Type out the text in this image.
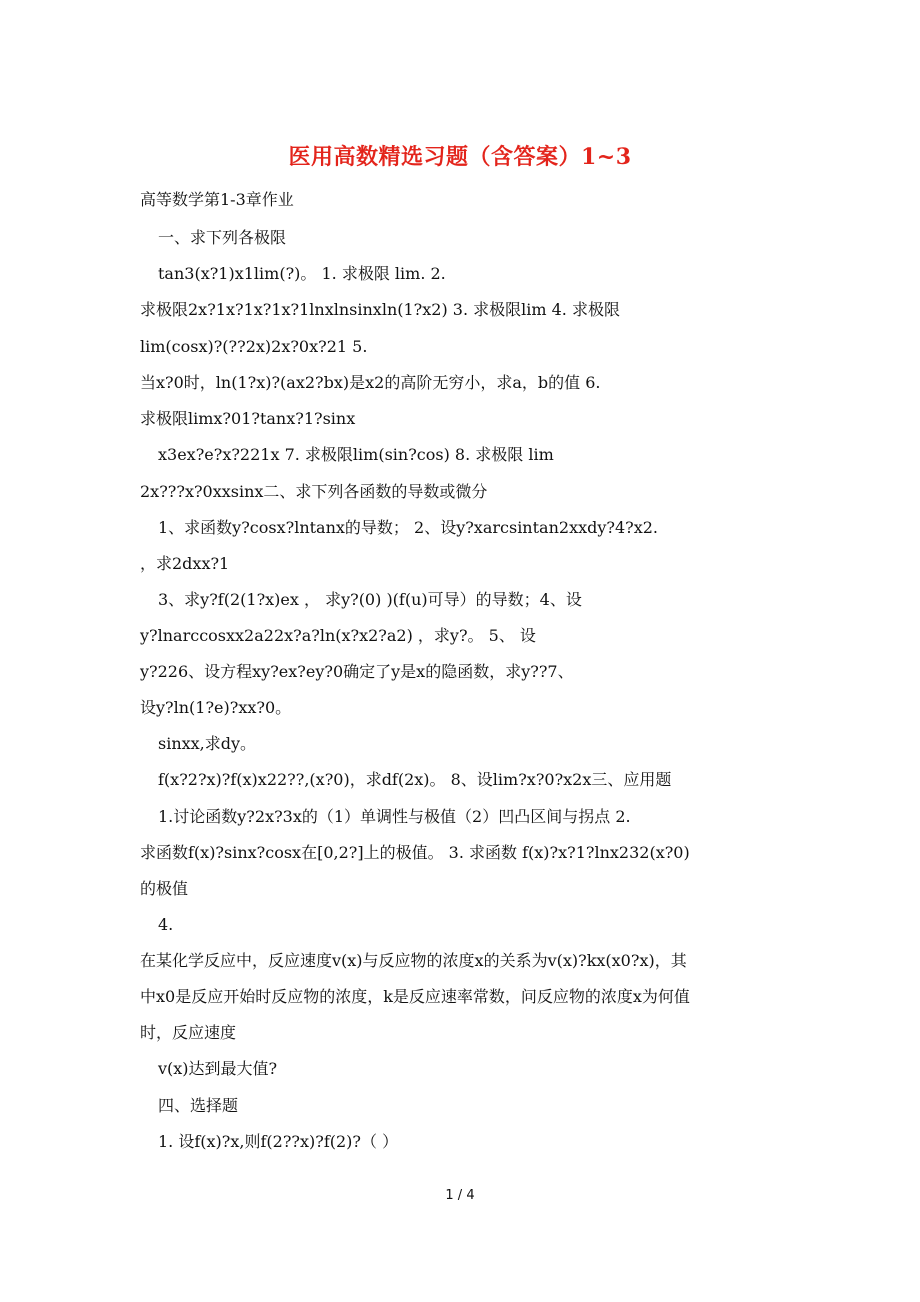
医用高数精选习题（含答案）1~3
高等数学第1-3章作业
一、求下列各极限
tan3(x?1)x1lim(?)。 1. 求极限 lim. 2.
求极限2x?1x?1x?1x?1lnxlnsinxln(1?x2) 3. 求极限lim 4. 求极限
lim(cosx)?(??2x)2x?0x?21 5.
当x?0时，ln(1?x)?(ax2?bx)是x2的高阶无穷小，求a，b的值 6.
求极限limx?01?tanx?1?sinx
x3ex?e?x?221x 7. 求极限lim(sin?cos) 8. 求极限 lim
2x???x?0xxsinx二、求下列各函数的导数或微分
1、求函数y?cosx?lntanx的导数； 2、设y?xarcsintan2xxdy?4?x2.
，求2dxx?1
3、求y?f(2(1?x)ex ， 求y?(0) )(f(u)可导）的导数；4、设
y?lnarccosxx2a22x?a?ln(x?x2?a2) ，求y?。 5、 设
y?226、设方程xy?ex?ey?0确定了y是x的隐函数，求y??7、
设y?ln(1?e)?xx?0。
sinxx,求dy。
f(x?2?x)?f(x)x22??,(x?0)，求df(2x)。 8、设lim?x?0?x2x三、应用题
1.讨论函数y?2x?3x的（1）单调性与极值（2）凹凸区间与拐点 2.
求函数f(x)?sinx?cosx在[0,2?]上的极值。 3. 求函数 f(x)?x?1?lnx232(x?0)
的极值
4.
在某化学反应中，反应速度v(x)与反应物的浓度x的关系为v(x)?kx(x0?x)，其
中x0是反应开始时反应物的浓度，k是反应速率常数，问反应物的浓度x为何值
时，反应速度
v(x)达到最大值?
四、选择题
1. 设f(x)?x,则f(2??x)?f(2)?（ ）
1 / 4
